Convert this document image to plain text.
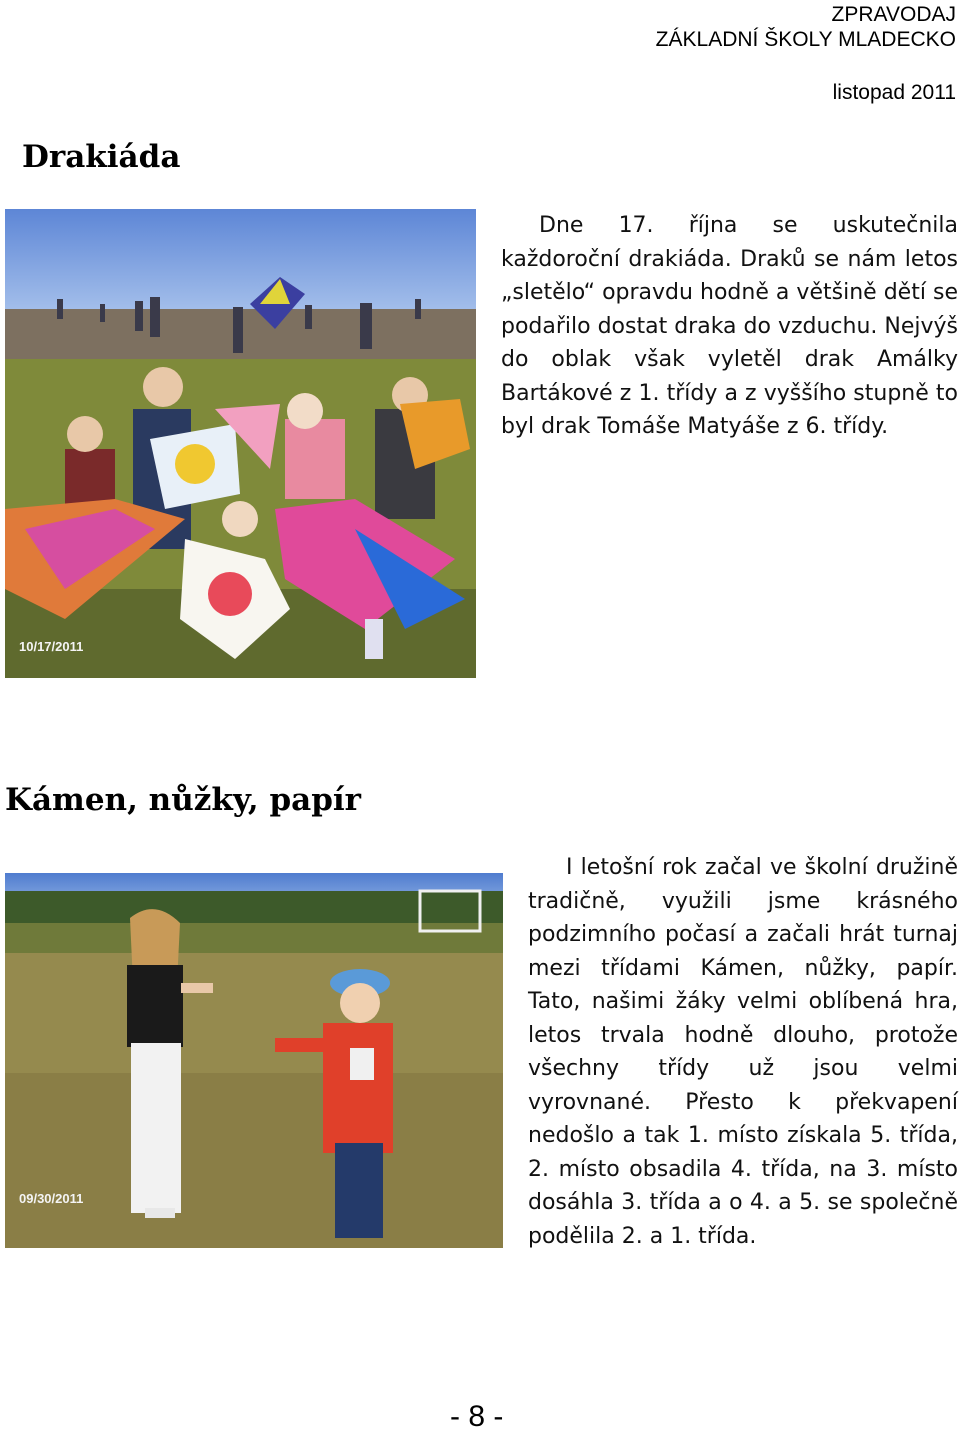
ZPRAVODAJ
ZÁKLADNÍ ŠKOLY MLADECKO
listopad 2011
Drakiáda
10/17/2011

Dne 17. října se uskutečnila každoroční drakiáda. Draků se nám letos „sletělo“ opravdu hodně a většině dětí se podařilo dostat draka do vzduchu. Nejvýš do oblak však vyletěl drak Amálky Bartákové z 1. třídy a z vyššího stupně to byl drak Tomáše Matyáše z 6. třídy.

Kámen, nůžky, papír
09/30/2011

I letošní rok začal ve školní družině tradičně, využili jsme krásného podzimního počasí a začali hrát turnaj mezi třídami Kámen, nůžky, papír. Tato, našimi žáky velmi oblíbená hra, letos trvala hodně dlouho, protože všechny třídy už jsou velmi vyrovnané. Přesto k překvapení nedošlo a tak 1. místo získala 5. třída, 2. místo obsadila 4. třída, na 3. místo dosáhla 3. třída a o 4. a 5. se společně podělila 2. a 1. třída.

- 8 -
